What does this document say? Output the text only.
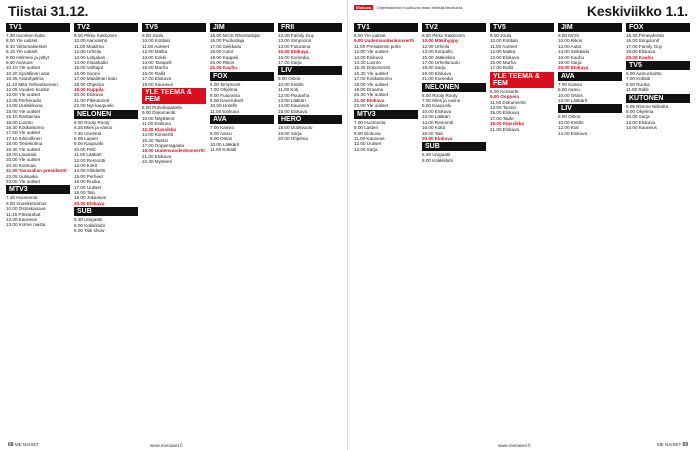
Tiistai 31.12.
TV1

7.30 Huomen-kulta

8.00 Yle uutiset

8.10 Viittomakieliset

8.15 Yle uutiset

9.00 Helmeni ja pölyt

9.30 Avaruus

10.10 Yle uutiset

10.20 Syvällinen asia

10.35 Asiaohjelma

11.10 Mitä Yellowstoneen

12.05 Vuoden kooste

13.00 Yle uutiset

13.05 Perheradio

14.00 Uutisikkuna

15.00 Yle uutiset

15.10 Rantamaa

16.00 Luonto

16.30 Kotikatsomo

17.00 Yle uutiset

17.10 Inhimillinen

18.00 Tiedekulma

18.30 Yle uutiset

19.00 Lauantai

20.00 Yle uutiset

20.20 Kotimaa

21.00 Tasavallan presidentti

22.05 Uutisaika

23.00 Yle uutiset

MTV3

7.45 Huomenta

9.00 Vuosikertomus

10.00 Ostoskanava

11.15 Päivärahat

12.00 Kauneus

13.00 Kolme naista

TV2

9.00 Pikku Kakkonen

10.00 Aamulehti

11.00 Maailma

12.00 Urheilu

13.00 Lahjakas

14.00 Kisastudio

15.00 Voittajat

16.00 Suomi

17.00 Maailman katu

18.00 Ohjelma

19.00 Kuppila

20.00 Elokuva

21.00 Pikkutunnit

22.00 Nyt-kaupunki

NELONEN

6.00 Rooty Rooty

6.25 Mies ja vaimo

7.40 Unelmat

8.05 Lapset

9.00 Kaupunki

10.00 Pelit

11.00 Lääkäri

12.00 Remontti

13.00 Kokit

14.00 Arkkitehti

15.00 Perheet

16.00 Ruoka

17.00 Uutiset

18.00 Talo

19.00 Jokamies

20.00 Elokuva

SUB

6.30 Unigaatti

8.00 Kokkiklubi

9.00 Talk show

TV5

9.00 Joulu

10.00 Kotitalo

11.00 Aarteet

12.00 Matka

13.00 Kokki

14.00 Tasapeli

15.00 Murha

16.00 Rallit

17.00 Elokuva

18.00 Kauneus

YLE TEEMA & FEM

8.00 Puhelinpalvelu

9.00 Dokumentti

10.00 Näyttämö

11.00 Elokuva

12.30 Klassikko

14.00 Konsertti

15.30 Tanssi

17.00 Oopperagaala

19.00 Uudenvuodenkonsertti

21.00 Elokuva

22.30 Mysteeri

JIM

15.00 NCIS Rikostutkijat

16.00 Puolustaja

17.00 Seikkailu

18.00 Autot

19.00 Kaapeli

20.00 Rikos

21.00 Kauhu

FOX

6.00 Simpsonit

7.00 Ohjelma

8.00 Futurama

9.00 Kaverukset

10.00 Hotellit

11.00 Elokuva

AVA

7.00 Kasvio

8.00 Aamu

9.00 Ostos

10.00 Lääkärit

11.00 Kotiäiti

FRII

12.00 Family Guy

13.00 Simpsonit

14.00 Futurama

15.00 Elokuva

16.00 Komedia

17.00 Sarja

LIV

9.00 Ostos

10.00 Keittiö

11.00 Koti

12.00 Puutarha

13.00 Lääkäri

14.00 Kauneus

15.00 Elokuva

HERO

18.00 Uutisvuoto

19.00 Sarja

20.00 Ohjelma

68 ME NAISET	www.menaiset.fi
Elokuva Ohjelmatiedot muuttuvat ilman erillistä ilmoitusta.	Keskiviikko 1.1.
TV1

8.00 Yle uutiset

9.00 Uudenvuodenkonsertti

11.00 Presidentin puhe

12.00 Yle uutiset

13.00 Elokuva

14.30 Luonto

15.30 Dokumentti

16.30 Yle uutiset

17.00 Kotikatsomo

18.00 Yle uutiset

19.00 Draama

20.30 Yle uutiset

21.00 Elokuva

23.00 Yle uutiset

MTV3

7.00 Huomenta

8.00 Lasten

9.00 Elokuva

11.00 Kauneus

12.00 Uutiset

13.00 Sarja

TV2

9.00 Pikku Kakkonen

10.00 Mäkihyppy

12.00 Urheilu

13.00 Koripallo

15.00 Jääkiekko

17.00 Urheiluruutu

18.00 Sarja

19.00 Elokuva

21.00 Komedia

NELONEN

6.00 Rooty Rooty

7.00 Mies ja vaimo

8.00 Kaupunki

10.00 Elokuva

12.00 Lääkäri

14.00 Remontti

16.00 Kokit

18.00 Talo

20.00 Elokuva

SUB

6.30 Unigaatti

8.00 Kokkiklubi

TV5

9.00 Joulu

10.00 Kotitalo

11.00 Aarteet

12.00 Matka

13.00 Elokuva

15.00 Murha

17.00 Rallit

YLE TEEMA & FEM

8.00 Konsertti

9.00 Ooppera

11.00 Dokumentti

13.00 Tanssi

15.00 Elokuva

17.00 Taide

19.00 Klassikko

21.00 Elokuva

JIM

9.00 NCIS

10.00 Rikos

12.00 Autot

14.00 Seikkailu

16.00 Kauhu

18.00 Sarja

20.00 Elokuva

AVA

7.00 Kasvio

8.00 Aamu

10.00 Ostos

12.00 Lääkärit

LIV

9.00 Ostos

10.00 Keittiö

12.00 Koti

14.00 Elokuva

FOX

15.40 Pimeydessä

16.00 Simpsonit

17.00 Family Guy

18.00 Elokuva

20.00 Kauhu

TV5

6.00 Aamunkoitto

7.00 Kotiäiti

9.00 Ruoka

11.00 Rallit

KUTONEN

6.05 Rimme Wiikolta

8.00 Ohjelma

10.00 Sarja

12.00 Elokuva

14.00 Kauneus

www.menaiset.fi	ME NAISET 69
